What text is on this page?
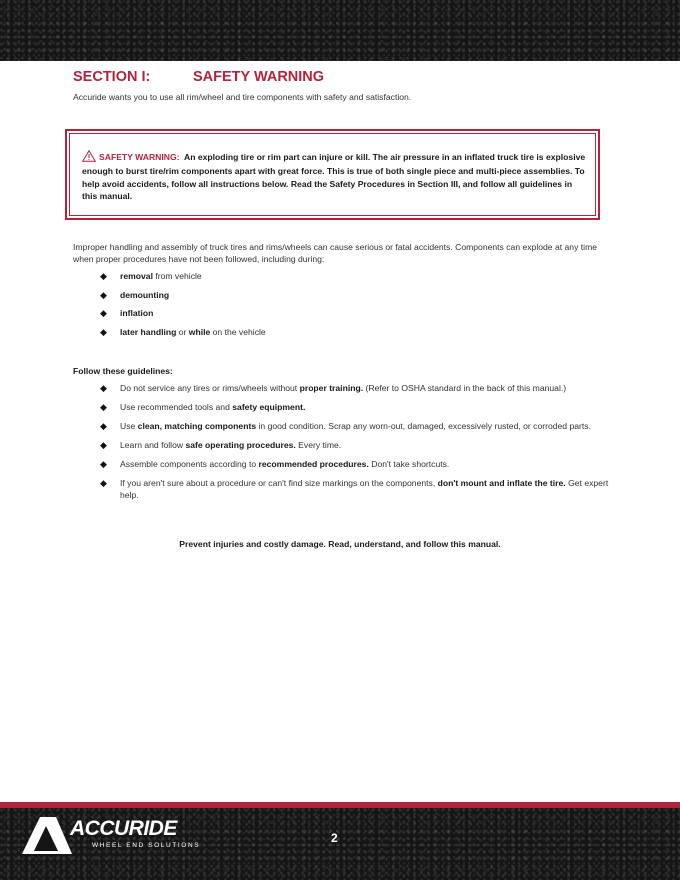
SECTION I:	SAFETY WARNING
Accuride wants you to use all rim/wheel and tire components with safety and satisfaction.
SAFETY WARNING: An exploding tire or rim part can injure or kill. The air pressure in an inflated truck tire is explosive enough to burst tire/rim components apart with great force. This is true of both single piece and multi-piece assemblies. To help avoid accidents, follow all instructions below. Read the Safety Procedures in Section III, and follow all guidelines in this manual.
Improper handling and assembly of truck tires and rims/wheels can cause serious or fatal accidents. Components can explode at any time when proper procedures have not been followed, including during:
◆ removal from vehicle
◆ demounting
◆ inflation
◆ later handling or while on the vehicle
Follow these guidelines:
◆ Do not service any tires or rims/wheels without proper training. (Refer to OSHA standard in the back of this manual.)
◆ Use recommended tools and safety equipment.
◆ Use clean, matching components in good condition. Scrap any worn-out, damaged, excessively rusted, or corroded parts.
◆ Learn and follow safe operating procedures. Every time.
◆ Assemble components according to recommended procedures. Don't take shortcuts.
◆ If you aren't sure about a procedure or can't find size markings on the components, don't mount and inflate the tire. Get expert help.
Prevent injuries and costly damage. Read, understand, and follow this manual.
ACCURIDE
WHEEL END SOLUTIONS
2
